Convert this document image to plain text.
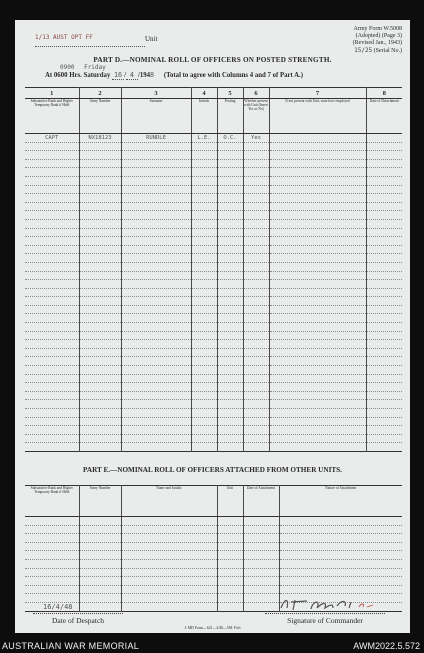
1/13 AUST OPT FF	Unit
Army Form W.5008
(Adopted) (Page 3)
(Revised Jan., 1943)
15/25 (Serial No.)
PART D.—NOMINAL ROLL OF OFFICERS ON POSTED STRENGTH.
0900 Friday
At 0600 Hrs. Saturday 16 / 4 /1948 (Total to agree with Columns 4 and 7 of Part A.)
1	2	3	4	5	6	7	8
Substantive Rank and Higher Temporary Rank if Held	Army Number	Surname	Initials	Posting	Whether present with Unit (Insert Yes or No)	If not present with Unit, state how employed	Date of Detachment
CAPT	NX18123	RUNDLE	L.E.	O.C.	Yes		

PART E.—NOMINAL ROLL OF OFFICERS ATTACHED FROM OTHER UNITS.
Substantive Rank and Higher Temporary Rank if Held	Army Number	Name and Initials	Unit	Date of Attachment	Nature of Attachment

16/4/48
Date of Despatch	Signature of Commander
J. MD Form—621—2/46—5M. Fols
AUSTRALIAN WAR MEMORIAL	AWM2022.5.572
